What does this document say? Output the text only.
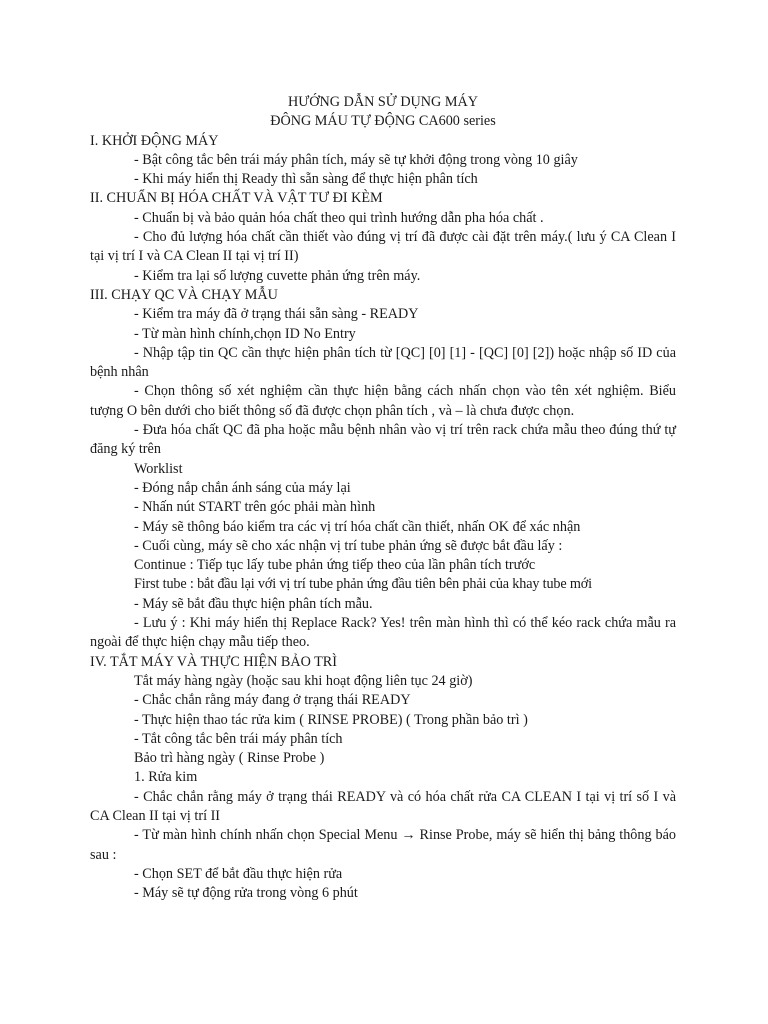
HƯỚNG DẪN SỬ DỤNG MÁY

ĐÔNG MÁU TỰ ĐỘNG CA600 series

I. KHỞI ĐỘNG MÁY

- Bật công tắc bên trái máy phân tích, máy sẽ tự khởi động trong vòng 10 giây

- Khi máy hiển thị Ready thì sẵn sàng để thực hiện phân tích

II. CHUẨN BỊ HÓA CHẤT VÀ VẬT TƯ ĐI KÈM

- Chuẩn bị và bảo quản hóa chất theo qui trình hướng dẫn pha hóa chất .

- Cho đủ lượng hóa chất cần thiết vào đúng vị trí đã được cài đặt trên máy.( lưu ý CA Clean I tại vị trí I và CA Clean II tại vị trí II)

- Kiểm tra lại số lượng cuvette phản ứng trên máy.

III. CHẠY QC VÀ CHẠY MẪU

- Kiểm tra máy đã ở trạng thái sẵn sàng - READY

- Từ màn hình chính,chọn ID No Entry

- Nhập tập tin QC cần thực hiện phân tích từ [QC] [0] [1] - [QC] [0] [2]) hoặc nhập số ID của bệnh nhân

- Chọn thông số xét nghiệm cần thực hiện bằng cách nhấn chọn vào tên xét nghiệm. Biểu tượng O bên dưới cho biết thông số đã được chọn phân tích , và – là chưa được chọn.

- Đưa hóa chất QC đã pha hoặc mẫu bệnh nhân vào vị trí trên rack chứa mẫu theo đúng thứ tự đăng ký trên

Worklist

- Đóng nắp chắn ánh sáng của máy lại

- Nhấn nút START trên góc phải màn hình

- Máy sẽ thông báo kiểm tra các vị trí hóa chất cần thiết, nhấn OK để xác nhận

- Cuối cùng, máy sẽ cho xác nhận vị trí tube phản ứng sẽ được bắt đầu lấy :

Continue : Tiếp tục lấy tube phản ứng tiếp theo của lần phân tích trước

First tube : bắt đầu lại với vị trí tube phản ứng đầu tiên bên phải của khay tube mới

- Máy sẽ bắt đầu thực hiện phân tích mẫu.

- Lưu ý : Khi máy hiển thị Replace Rack? Yes! trên màn hình thì có thể kéo rack chứa mẫu ra ngoài để thực hiện chạy mẫu tiếp theo.

IV. TẮT MÁY VÀ THỰC HIỆN BẢO TRÌ

Tắt máy hàng ngày (hoặc sau khi hoạt động liên tục 24 giờ)

- Chắc chắn rằng máy đang ở trạng thái READY

- Thực hiện thao tác rửa kim ( RINSE PROBE) ( Trong phần bảo trì )

- Tắt công tắc bên trái máy phân tích

Bảo trì hàng ngày ( Rinse Probe )

1. Rửa kim

- Chắc chắn rằng máy ở trạng thái READY và có hóa chất rửa CA CLEAN I tại vị trí số I và CA Clean II tại vị trí II

- Từ màn hình chính nhấn chọn Special Menu → Rinse Probe, máy sẽ hiển thị bảng thông báo sau :

- Chọn SET để bắt đầu thực hiện rửa

- Máy sẽ tự động rửa trong vòng 6 phút
